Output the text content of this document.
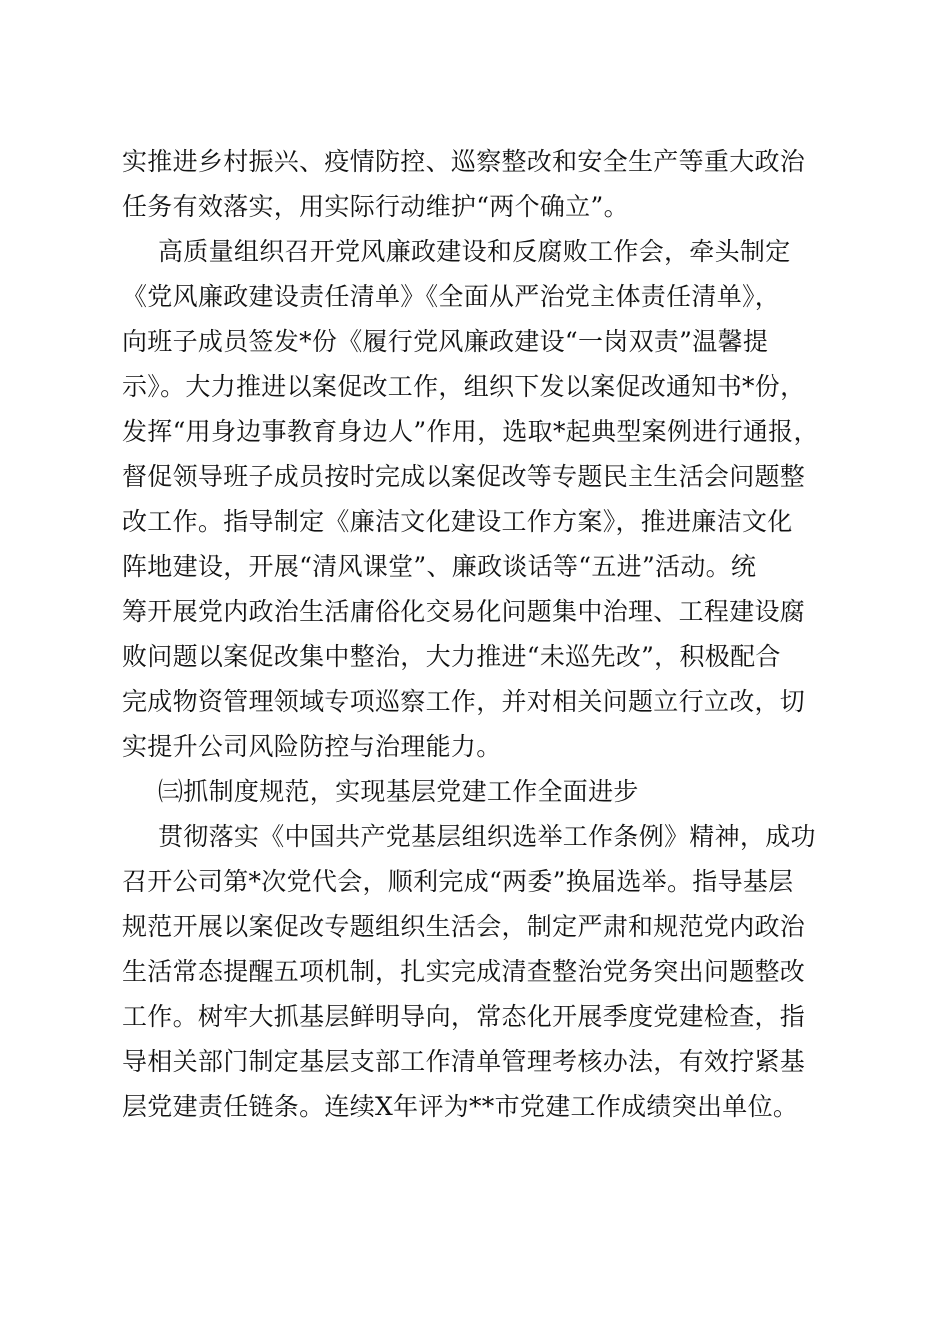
实推进乡村振兴、疫情防控、巡察整改和安全生产等重大政治
任务有效落实，用实际行动维护“两个确立”。
高质量组织召开党风廉政建设和反腐败工作会，牵头制定
《党风廉政建设责任清单》《全面从严治党主体责任清单》，
向班子成员签发*份《履行党风廉政建设“一岗双责”温馨提
示》。大力推进以案促改工作，组织下发以案促改通知书*份，
发挥“用身边事教育身边人”作用，选取*起典型案例进行通报，
督促领导班子成员按时完成以案促改等专题民主生活会问题整
改工作。指导制定《廉洁文化建设工作方案》，推进廉洁文化
阵地建设，开展“清风课堂”、廉政谈话等“五进”活动。统
筹开展党内政治生活庸俗化交易化问题集中治理、工程建设腐
败问题以案促改集中整治，大力推进“未巡先改”，积极配合
完成物资管理领域专项巡察工作，并对相关问题立行立改，切
实提升公司风险防控与治理能力。
㈢抓制度规范，实现基层党建工作全面进步
贯彻落实《中国共产党基层组织选举工作条例》精神，成功
召开公司第*次党代会，顺利完成“两委”换届选举。指导基层
规范开展以案促改专题组织生活会，制定严肃和规范党内政治
生活常态提醒五项机制，扎实完成清查整治党务突出问题整改
工作。树牢大抓基层鲜明导向，常态化开展季度党建检查，指
导相关部门制定基层支部工作清单管理考核办法，有效拧紧基
层党建责任链条。连续X年评为**市党建工作成绩突出单位。
